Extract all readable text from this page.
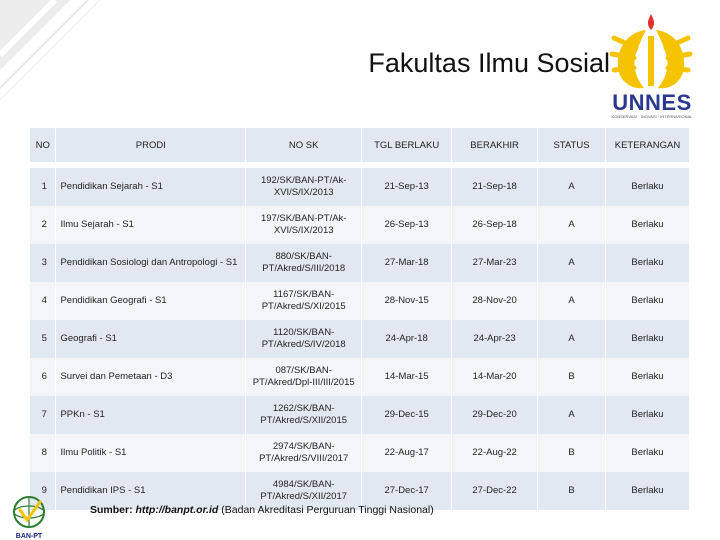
Fakultas Ilmu Sosial
UNNES
KONSERVASI · INOVASI · INTERNASIONAL
NO	PRODI	NO SK	TGL BERLAKU	BERAKHIR	STATUS	KETERANGAN

1	Pendidikan Sejarah - S1	192/SK/BAN-PT/Ak-XVI/S/IX/2013	21-Sep-13	21-Sep-18	A	Berlaku
2	Ilmu Sejarah - S1	197/SK/BAN-PT/Ak-XVI/S/IX/2013	26-Sep-13	26-Sep-18	A	Berlaku
3	Pendidikan Sosiologi dan Antropologi - S1	880/SK/BAN-PT/Akred/S/III/2018	27-Mar-18	27-Mar-23	A	Berlaku
4	Pendidikan Geografi - S1	1167/SK/BAN-PT/Akred/S/XI/2015	28-Nov-15	28-Nov-20	A	Berlaku
5	Geografi - S1	1120/SK/BAN-PT/Akred/S/IV/2018	24-Apr-18	24-Apr-23	A	Berlaku
6	Survei dan Pemetaan - D3	087/SK/BAN-PT/Akred/Dpl-III/III/2015	14-Mar-15	14-Mar-20	B	Berlaku
7	PPKn - S1	1262/SK/BAN-PT/Akred/S/XII/2015	29-Dec-15	29-Dec-20	A	Berlaku
8	Ilmu Politik - S1	2974/SK/BAN-PT/Akred/S/VIII/2017	22-Aug-17	22-Aug-22	B	Berlaku
9	Pendidikan IPS - S1	4984/SK/BAN-PT/Akred/S/XII/2017	27-Dec-17	27-Dec-22	B	Berlaku
BAN-PT
Sumber: http://banpt.or.id (Badan Akreditasi Perguruan Tinggi Nasional)
